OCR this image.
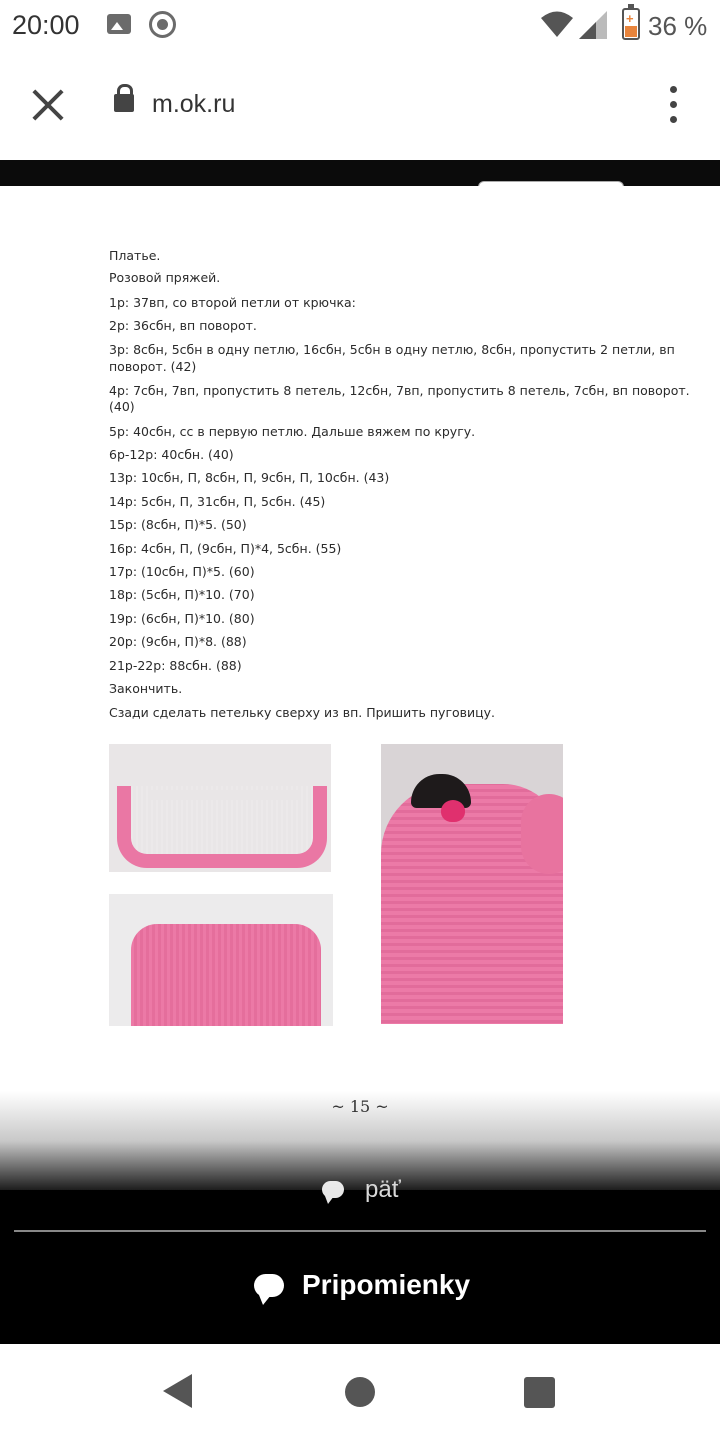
20:00	+ 36 %
m.ok.ru
Платье.
Розовой пряжей.
1р: 37вп, со второй петли от крючка:
2р: 36сбн, вп поворот.
3р: 8сбн, 5сбн в одну петлю, 16сбн, 5сбн в одну петлю, 8сбн, пропустить 2 петли, вп
поворот. (42)
4р: 7сбн, 7вп, пропустить 8 петель, 12сбн, 7вп, пропустить 8 петель, 7сбн, вп поворот.
(40)
5р: 40сбн, сс в первую петлю. Дальше вяжем по кругу.
6р-12р: 40сбн. (40)
13р: 10сбн, П, 8сбн, П, 9сбн, П, 10сбн. (43)
14р: 5сбн, П, 31сбн, П, 5сбн. (45)
15р: (8сбн, П)*5. (50)
16р: 4сбн, П, (9сбн, П)*4, 5сбн. (55)
17р: (10сбн, П)*5. (60)
18р: (5сбн, П)*10. (70)
19р: (6сбн, П)*10. (80)
20р: (9сбн, П)*8. (88)
21р-22р: 88сбн. (88)
Закончить.
Сзади сделать петельку сверху из вп. Пришить пуговицу.
~ 15 ~
päť
Pripomienky
